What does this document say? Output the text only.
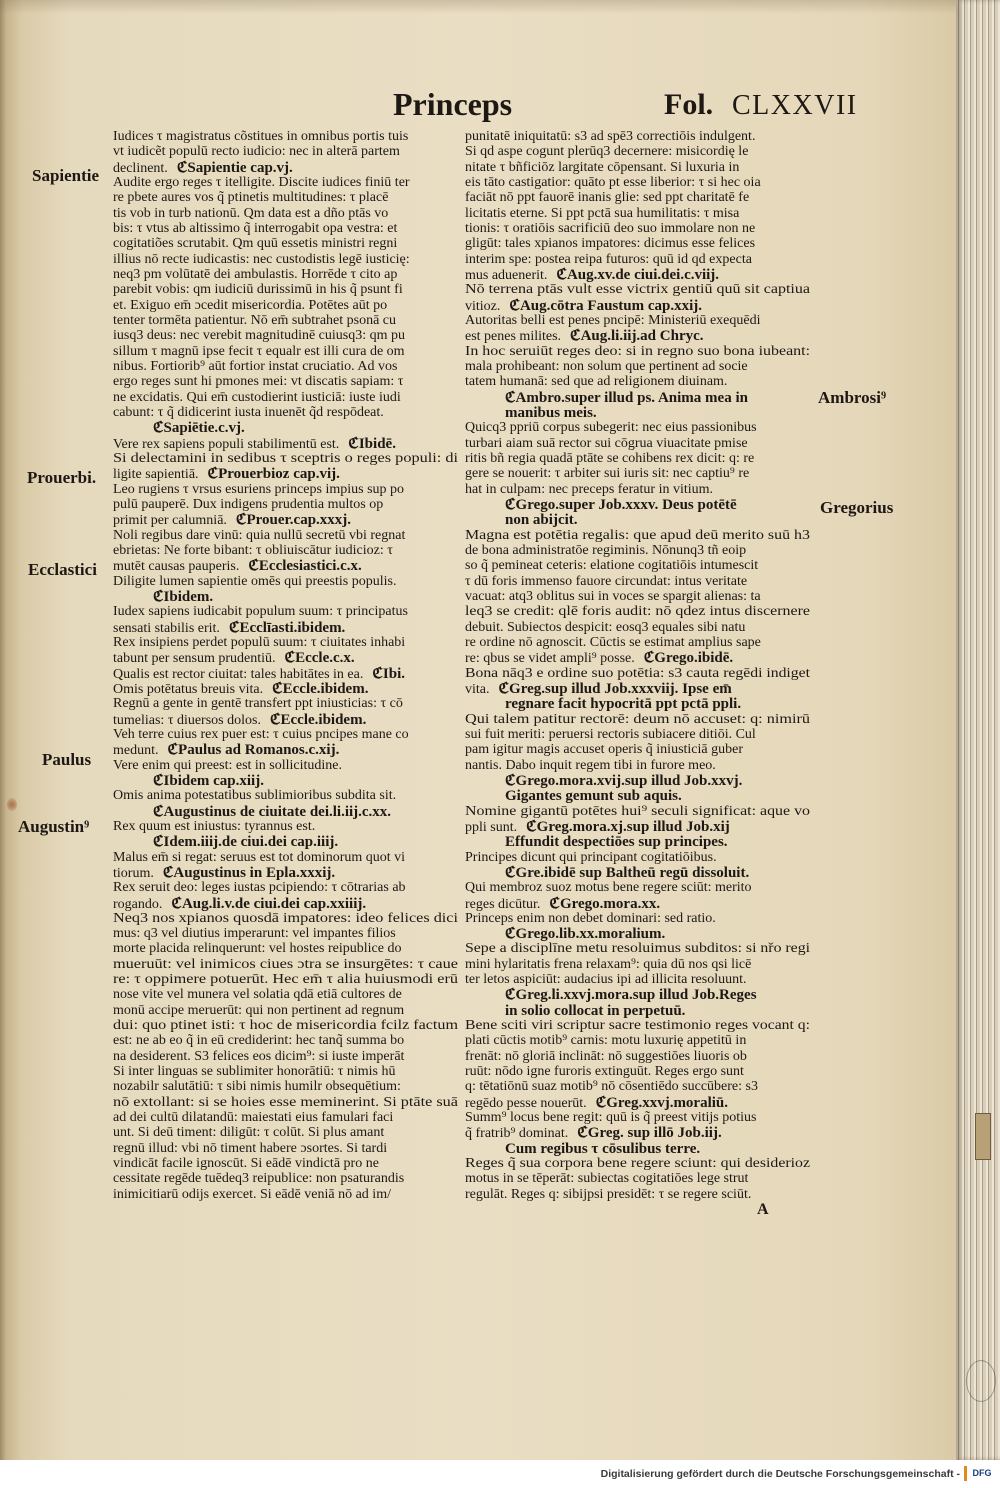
Princeps	Fol. CLXXVII
Sapientie
Prouerbi.
Ecclastici
Paulus
Augustin⁹
Ambrosi⁹
Gregorius
Iudices τ magistratus cõstitues in omnibus portis tuis
vt iudicẽt populū recto iudicio: nec in alterā partem
declinent. ℭSapientie cap.vj.
Audite ergo reges τ itelligite. Discite iudices finiū ter
re pbete aures vos q̃ ptinetis multitudines: τ placē
tis vob in turb nationū. Qm data est a dño ptās vo
bis: τ vtus ab altissimo q̃ interrogabit opa vestra: et
cogitatiões scrutabit. Qm quū essetis ministri regni
illius nō recte iudicastis: nec custodistis legē iusticię:
neq3 pm volūtatē dei ambulastis. Horrēde τ cito ap
parebit vobis: qm iudiciū durissimū in his q̃ psunt fi
et. Exiguo em̄ ɔcedit misericordia. Potētes aūt po
tenter tormēta patientur. Nō em̄ subtrahet psonā cu
iusq3 deus: nec verebit magnitudinē cuiusq3: qm pu
sillum τ magnū ipse fecit τ equalr est illi cura de om
nibus. Fortiorib⁹ aūt fortior instat cruciatio. Ad vos
ergo reges sunt hi pmones mei: vt discatis sapiam: τ
ne excidatis. Qui em̄ custodierint iusticiā: iuste iudi
cabunt: τ q̃ didicerint iusta inuenēt q̃d respōdeat.
ℭSapiētie.c.vj.
Vere rex sapiens populi stabilimentū est. ℭIbidē.
Si delectamini in sedibus τ sceptris o reges populi: di
ligite sapientiā. ℭProuerbioz cap.vij.
Leo rugiens τ vrsus esuriens princeps impius sup po
pulū pauperē. Dux indigens prudentia multos op
primit per calumniā. ℭProuer.cap.xxxj.
Noli regibus dare vinū: quia nullū secretū vbi regnat
ebrietas: Ne forte bibant: τ obliuiscātur iudicioz: τ
mutēt causas pauperis. ℭEcclesiastici.c.x.
Diligite lumen sapientie omēs qui preestis populis.
ℭIbidem.
Iudex sapiens iudicabit populum suum: τ principatus
sensati stabilis erit. ℭEcclīasti.ibidem.
Rex insipiens perdet populū suum: τ ciuitates inhabi
tabunt per sensum prudentiū. ℭEccle.c.x.
Qualis est rector ciuitat: tales habitātes in ea. ℭIbi.
Omis potētatus breuis vita. ℭEccle.ibidem.
Regnū a gente in gentē transfert ppt iniusticias: τ cō
tumelias: τ diuersos dolos. ℭEccle.ibidem.
Veh terre cuius rex puer est: τ cuius pncipes mane co
medunt. ℭPaulus ad Romanos.c.xij.
Vere enim qui preest: est in sollicitudine.
ℭIbidem cap.xiij.
Omis anima potestatibus sublimioribus subdita sit.
ℭAugustinus de ciuitate dei.li.iij.c.xx.
Rex quum est iniustus: tyrannus est.
ℭIdem.iiij.de ciui.dei cap.iiij.
Malus em̄ si regat: seruus est tot dominorum quot vi
tiorum. ℭAugustinus in Epla.xxxij.
Rex seruit deo: leges iustas pcipiendo: τ cōtrarias ab
rogando. ℭAug.li.v.de ciui.dei cap.xxiiij.
Neq3 nos xpianos quosdā impatores: ideo felices dici
mus: q3 vel diutius imperarunt: vel impantes filios
morte placida relinquerunt: vel hostes reipublice do
mueruūt: vel inimicos ciues ɔtra se insurgētes: τ caue
re: τ oppimere potuerūt. Hec em̄ τ alia huiusmodi erū
nose vite vel munera vel solatia qdā etiā cultores de
monū accipe meruerūt: qui non pertinent ad regnum
dui: quo ptinet isti: τ hoc de misericordia fcilz factum
est: ne ab eo q̃ in eū crediderint: hec tanq̃ summa bo
na desiderent. S3 felices eos dicim⁹: si iuste imperāt
Si inter linguas se sublimiter honorātiū: τ nimis hū
nozabilr salutātiū: τ sibi nimis humilr obsequētium:
nō extollant: si se hoies esse meminerint. Si ptāte suā
ad dei cultū dilatandū: maiestati eius famulari faci
unt. Si deū timent: diligūt: τ colūt. Si plus amant
regnū illud: vbi nō timent habere ɔsortes. Si tardi
vindicāt facile ignoscūt. Si eādē vindictā pro ne
cessitate regēde tuēdeq3 reipublice: non psaturandis
inimicitiarū odijs exercet. Si eādē veniā nō ad im/
punitatē iniquitatū: s3 ad spē3 correctiōis indulgent.
Si qd aspe cogunt plerūq3 decernere: misicordię le
nitate τ bñficiōz largitate cōpensant. Si luxuria in
eis tāto castigatior: quāto pt esse liberior: τ si hec oia
faciāt nō ppt fauorē inanis glie: sed ppt charitatē fe
licitatis eterne. Si ppt pctā sua humilitatis: τ misa
tionis: τ oratiōis sacrificiū deo suo immolare non ne
gligūt: tales xpianos impatores: dicimus esse felices
interim spe: postea reipa futuros: quū id qd expecta
mus aduenerit. ℭAug.xv.de ciui.dei.c.viij.
Nō terrena ptās vult esse victrix gentiū quū sit captiua
vitioz. ℭAug.cōtra Faustum cap.xxij.
Autoritas belli est penes pncipē: Ministeriū exequēdi
est penes milites. ℭAug.li.iij.ad Chryc.
In hoc seruiūt reges deo: si in regno suo bona iubeant:
mala prohibeant: non solum que pertinent ad socie
tatem humanā: sed que ad religionem diuinam.
ℭAmbro.super illud ps. Anima mea in
manibus meis.
Quicq3 ppriū corpus subegerit: nec eius passionibus
turbari aiam suā rector sui cōgrua viuacitate pmise
ritis bñ regia quadā ptāte se cohibens rex dicit: q: re
gere se nouerit: τ arbiter sui iuris sit: nec captiu⁹ re
hat in culpam: nec preceps feratur in vitium.
ℭGrego.super Job.xxxv. Deus potētē
non abijcit.
Magna est potētia regalis: que apud deū merito suū h3
de bona administratōe regiminis. Nōnunq3 tñ eoip
so q̃ pemineat ceteris: elatione cogitatiōis intumescit
τ dū foris immenso fauore circundat: intus veritate
vacuat: atq3 oblitus sui in voces se spargit alienas: ta
leq3 se credit: qlē foris audit: nō qdez intus discernere
debuit. Subiectos despicit: eosq3 equales sibi natu
re ordine nō agnoscit. Cūctis se estimat amplius sape
re: qbus se videt ampli⁹ posse. ℭGrego.ibidē.
Bona nāq3 e ordine suo potētia: s3 cauta regēdi indiget
vita. ℭGreg.sup illud Job.xxxviij. Ipse em̄
regnare facit hypocritā ppt pctā ppli.
Qui talem patitur rectorē: deum nō accuset: q: nimirū
sui fuit meriti: peruersi rectoris subiacere ditiōi. Cul
pam igitur magis accuset operis q̃ iniusticiā guber
nantis. Dabo inquit regem tibi in furore meo.
ℭGrego.mora.xvij.sup illud Job.xxvj.
Gigantes gemunt sub aquis.
Nomine gigantū potētes hui⁹ seculi significat: aque vo
ppli sunt. ℭGreg.mora.xj.sup illud Job.xij
Effundit despectiōes sup principes.
Principes dicunt qui principant cogitatiōibus.
ℭGre.ibidē sup Baltheū regū dissoluit.
Qui membroz suoz motus bene regere sciūt: merito
reges dicūtur. ℭGrego.mora.xx.
Princeps enim non debet dominari: sed ratio.
ℭGrego.lib.xx.moralium.
Sepe a disciplīne metu resoluimus subditos: si nřo regi
mini hylaritatis frena relaxam⁹: quia dū nos qsi licē
ter letos aspiciūt: audacius ipi ad illicita resoluunt.
ℭGreg.li.xxvj.mora.sup illud Job.Reges
in solio collocat in perpetuū.
Bene sciti viri scriptur sacre testimonio reges vocant q:
plati cūctis motib⁹ carnis: motu luxurię appetitū in
frenāt: nō gloriā inclināt: nō suggestiōes liuoris ob
ruūt: nōdo igne furoris extinguūt. Reges ergo sunt
q: tētatiōnū suaz motib⁹ nō cōsentiēdo succūbere: s3
regēdo pesse nouerūt. ℭGreg.xxvj.moraliū.
Summ⁹ locus bene regit: quū is q̃ preest vitijs potius
q̃ fratrib⁹ dominat. ℭGreg. sup illō Job.iij.
Cum regibus τ cōsulibus terre.
Reges q̃ sua corpora bene regere sciunt: qui desiderioz
motus in se tēperāt: subiectas cogitatiōes lege strut
regulāt. Reges q: sibijpsi presidēt: τ se regere sciūt.
A
Digitalisierung gefördert durch die Deutsche Forschungsgemeinschaft -	DFG
